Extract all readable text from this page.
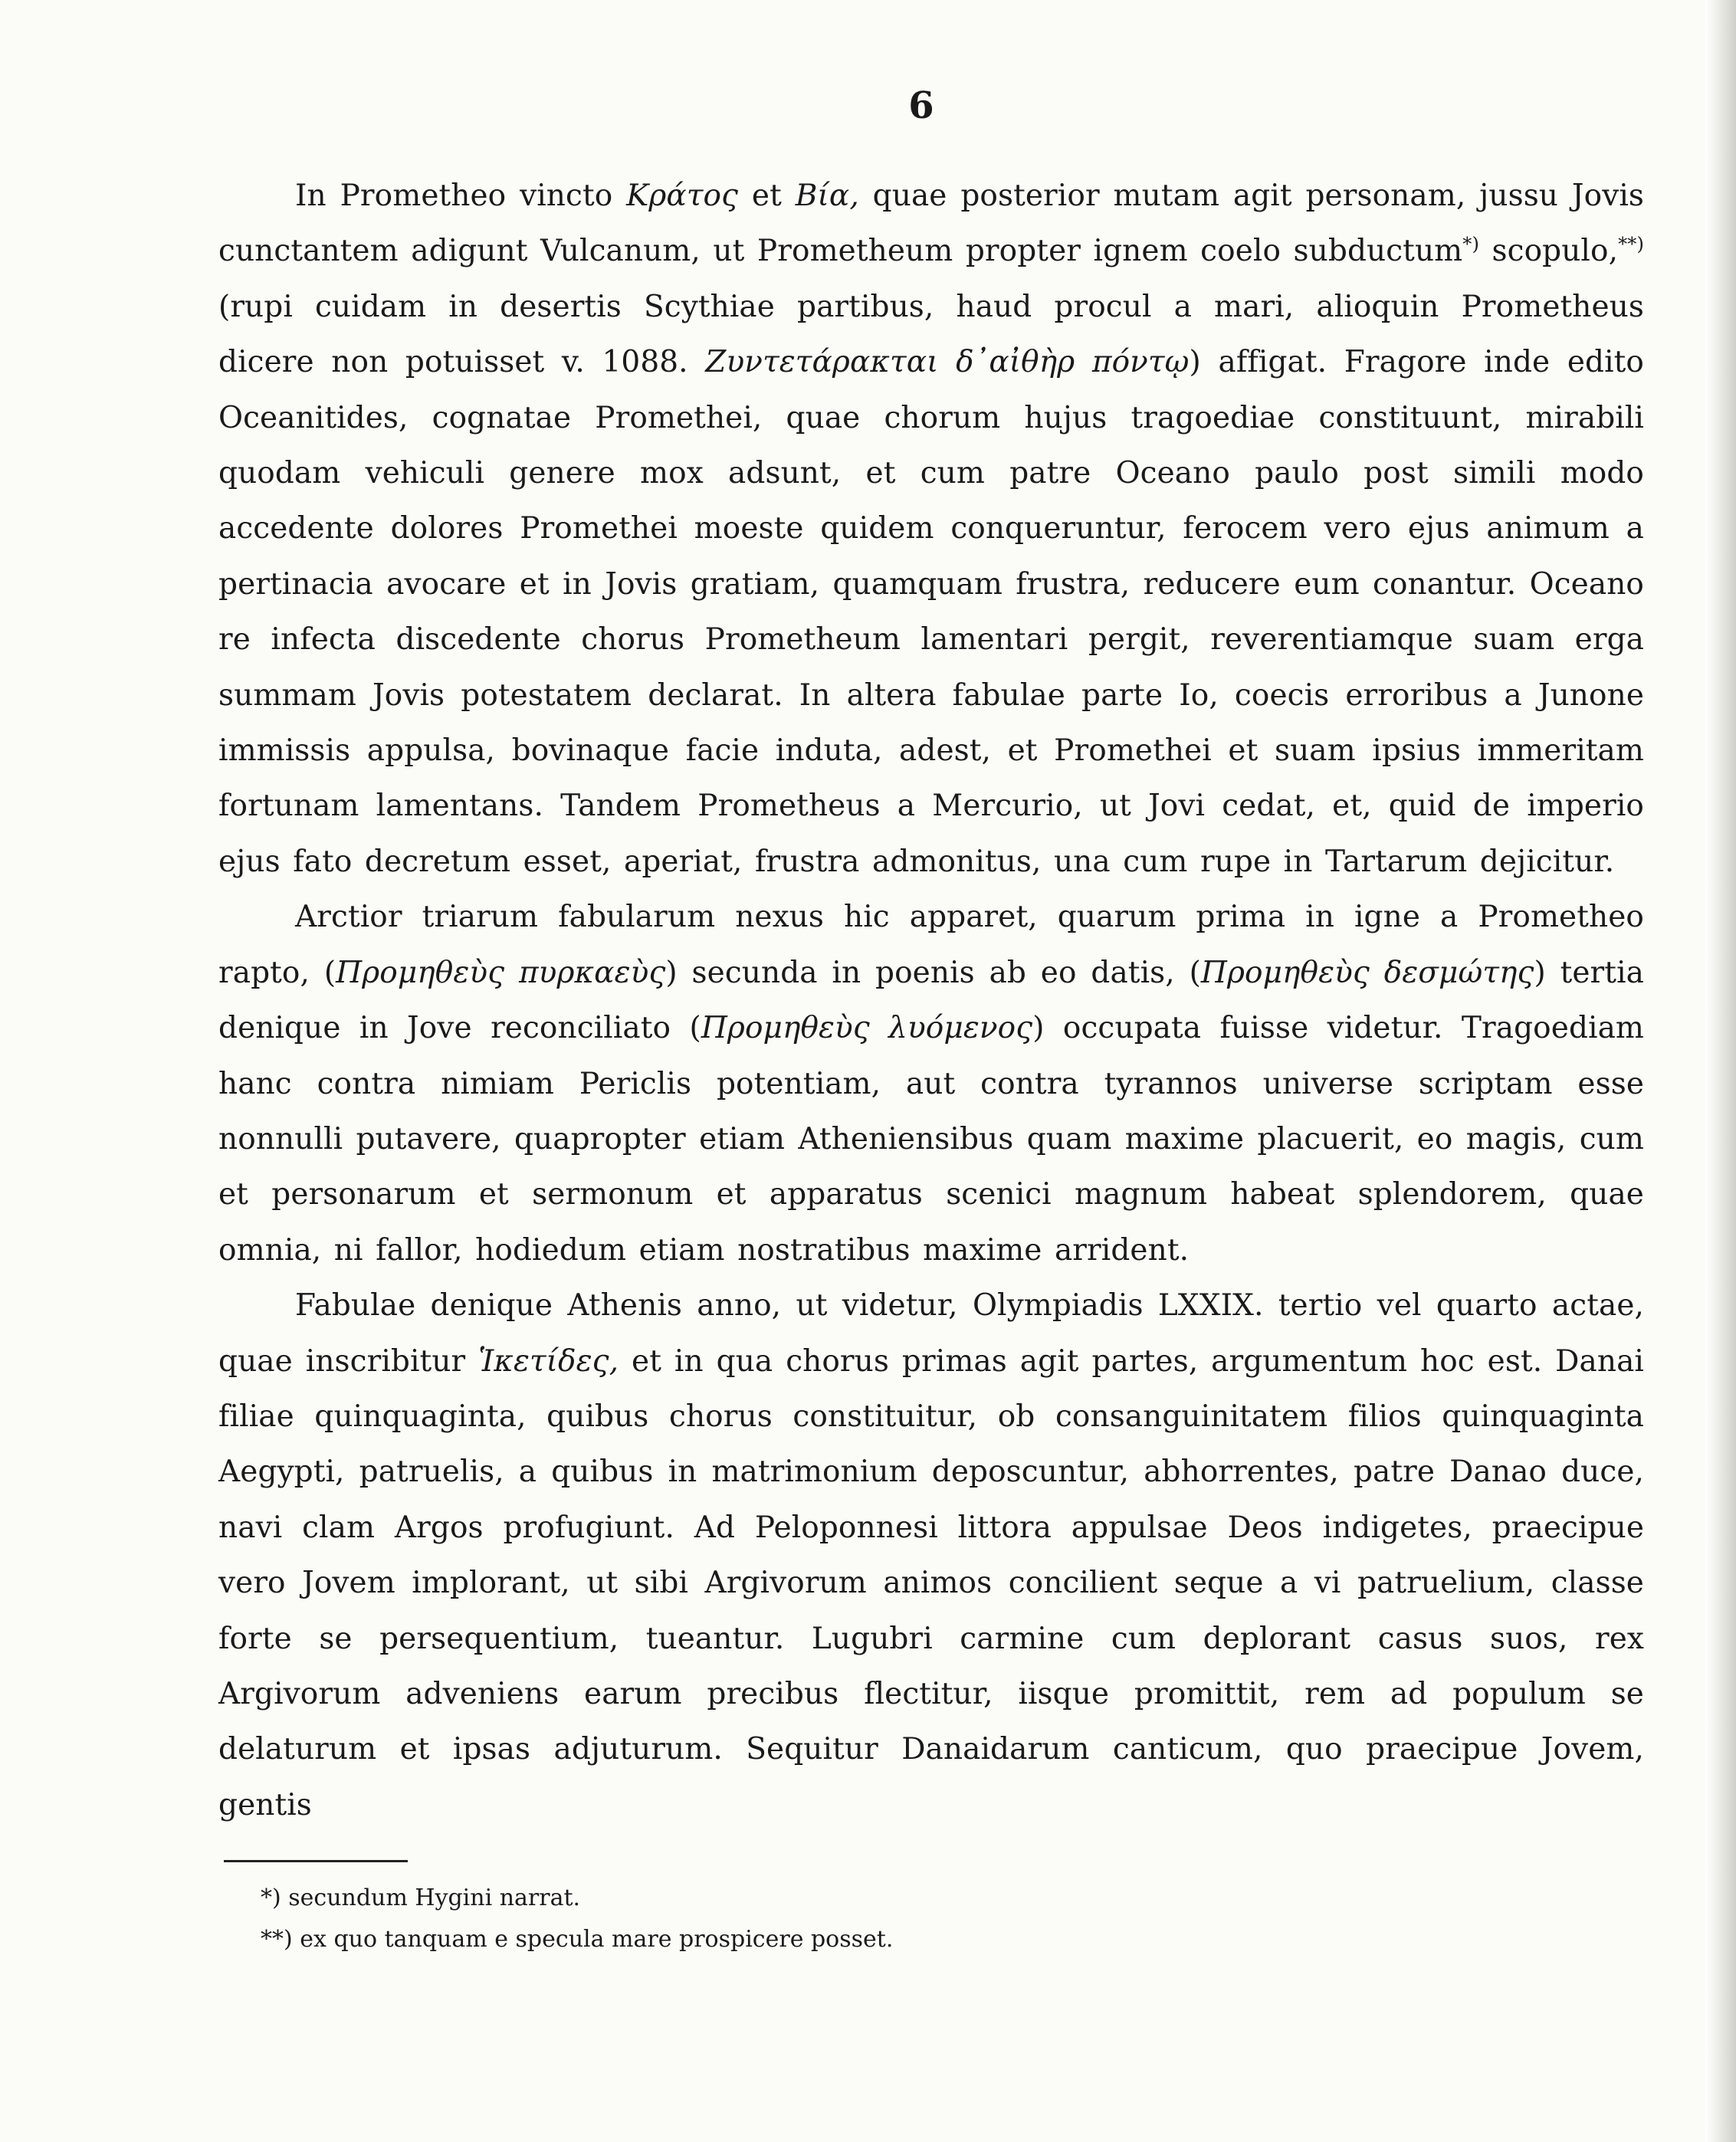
6

In Prometheo vincto Κράτος et Βία, quae posterior mutam agit personam, jussu Jovis cunctantem adigunt Vulcanum, ut Prometheum propter ignem coelo subductum*) scopulo,**) (rupi cuidam in desertis Scythiae partibus, haud procul a mari, alioquin Prometheus dicere non potuisset v. 1088. Ζυντετάρακται δ᾽αἰθὴρ πόντῳ) affigat. Fragore inde edito Oceanitides, cognatae Promethei, quae chorum hujus tragoediae constituunt, mirabili quodam vehiculi genere mox adsunt, et cum patre Oceano paulo post simili modo accedente dolores Promethei moeste quidem conqueruntur, ferocem vero ejus animum a pertinacia avocare et in Jovis gratiam, quamquam frustra, reducere eum conantur. Oceano re infecta discedente chorus Prometheum lamentari pergit, reverentiamque suam erga summam Jovis potestatem declarat. In altera fabulae parte Io, coecis erroribus a Junone immissis appulsa, bovinaque facie induta, adest, et Promethei et suam ipsius immeritam fortunam lamentans. Tandem Prometheus a Mercurio, ut Jovi cedat, et, quid de imperio ejus fato decretum esset, aperiat, frustra admonitus, una cum rupe in Tartarum dejicitur.

Arctior triarum fabularum nexus hic apparet, quarum prima in igne a Prometheo rapto, (Προμηθεὺς πυρκαεὺς) secunda in poenis ab eo datis, (Προμηθεὺς δεσμώτης) tertia denique in Jove reconciliato (Προμηθεὺς λυόμενος) occupata fuisse videtur. Tragoediam hanc contra nimiam Periclis potentiam, aut contra tyrannos universe scriptam esse nonnulli putavere, quapropter etiam Atheniensibus quam maxime placuerit, eo magis, cum et personarum et sermonum et apparatus scenici magnum habeat splendorem, quae omnia, ni fallor, hodiedum etiam nostratibus maxime arrident.

Fabulae denique Athenis anno, ut videtur, Olympiadis LXXIX. tertio vel quarto actae, quae inscribitur Ἱκετίδες, et in qua chorus primas agit partes, argumentum hoc est. Danai filiae quinquaginta, quibus chorus constituitur, ob consanguinitatem filios quinquaginta Aegypti, patruelis, a quibus in matrimonium deposcuntur, abhorrentes, patre Danao duce, navi clam Argos profugiunt. Ad Peloponnesi littora appulsae Deos indigetes, praecipue vero Jovem implorant, ut sibi Argivorum animos concilient seque a vi patruelium, classe forte se persequentium, tueantur. Lugubri carmine cum deplorant casus suos, rex Argivorum adveniens earum precibus flectitur, iisque promittit, rem ad populum se delaturum et ipsas adjuturum. Sequitur Danaidarum canticum, quo praecipue Jovem, gentis

*) secundum Hygini narrat.
**) ex quo tanquam e specula mare prospicere posset.
